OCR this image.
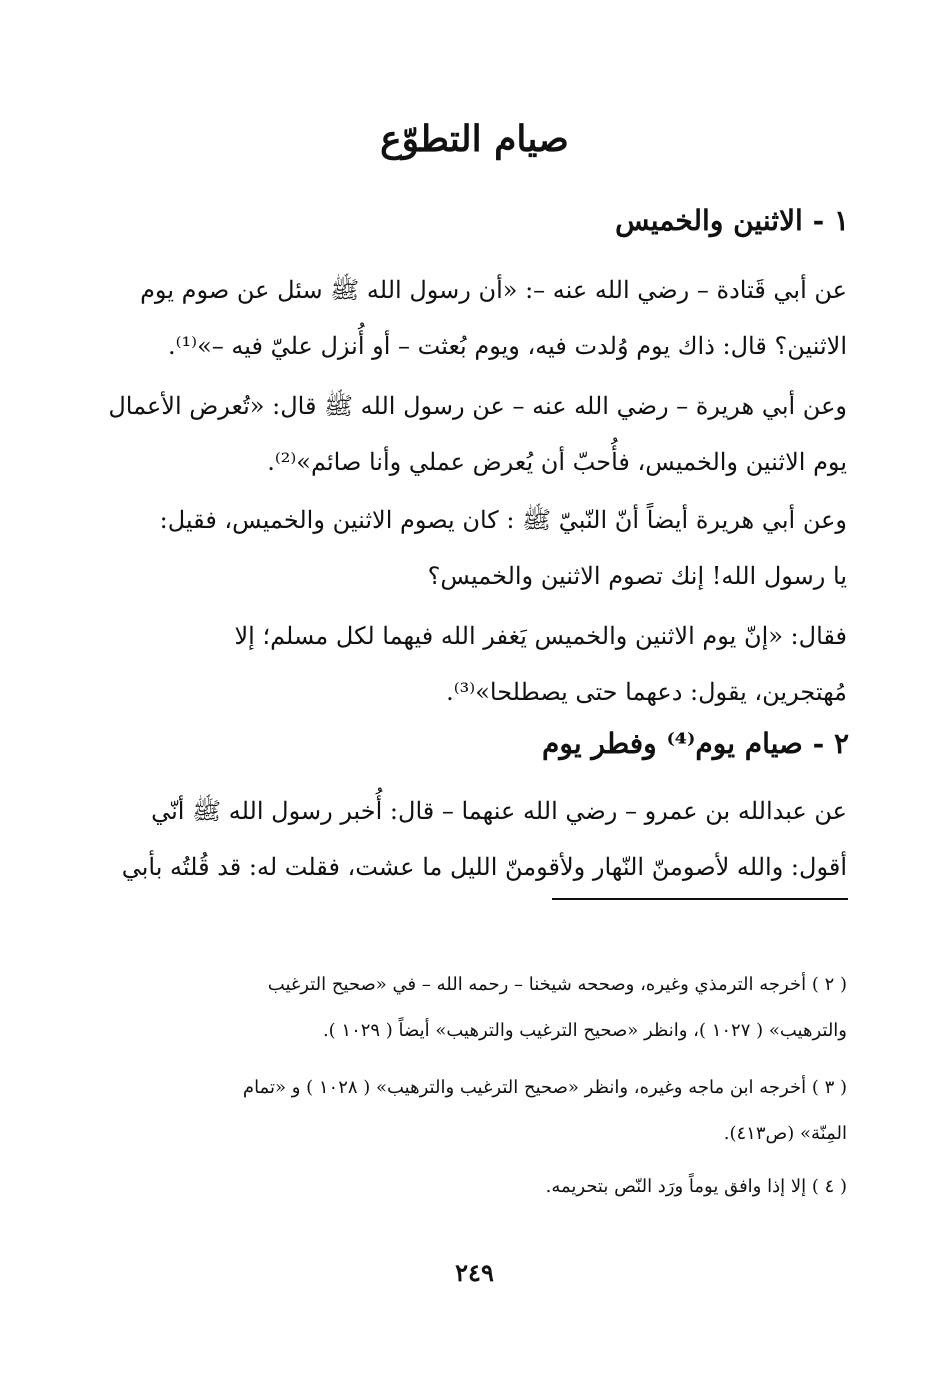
صيام التطوّع
١ - الاثنين والخميس
عن أبي قَتادة – رضي الله عنه –: «أن رسول الله ﷺ سئل عن صوم يوم
الاثنين؟ قال: ذاك يوم وُلدت فيه، ويوم بُعثت – أو أُنزل عليّ فيه –»⁽¹⁾.
وعن أبي هريرة – رضي الله عنه – عن رسول الله ﷺ قال: «تُعرض الأعمال
يوم الاثنين والخميس، فأُحبّ أن يُعرض عملي وأنا صائم»⁽²⁾.
وعن أبي هريرة أيضاً أنّ النّبيّ ﷺ : كان يصوم الاثنين والخميس، فقيل:
يا رسول الله! إنك تصوم الاثنين والخميس؟
فقال: «إنّ يوم الاثنين والخميس يَغفر الله فيهما لكل مسلم؛ إلا
مُهتجرين، يقول: دعهما حتى يصطلحا»⁽³⁾.
٢ - صيام يوم⁽⁴⁾ وفطر يوم
عن عبدالله بن عمرو – رضي الله عنهما – قال: أُخبر رسول الله ﷺ أنّي
أقول: والله لأصومنّ النّهار ولأقومنّ الليل ما عشت، فقلت له: قد قُلتُه بأبي
( ٢ ) أخرجه الترمذي وغيره، وصححه شيخنا – رحمه الله – في «صحيح الترغيب
والترهيب» ( ١٠٢٧ )، وانظر «صحيح الترغيب والترهيب» أيضاً ( ١٠٢٩ ).
( ٣ ) أخرجه ابن ماجه وغيره، وانظر «صحيح الترغيب والترهيب» ( ١٠٢٨ ) و «تمام
المِنّة» (ص٤١٣).
( ٤ ) إلا إذا وافق يوماً ورَد النّص بتحريمه.
٢٤٩
